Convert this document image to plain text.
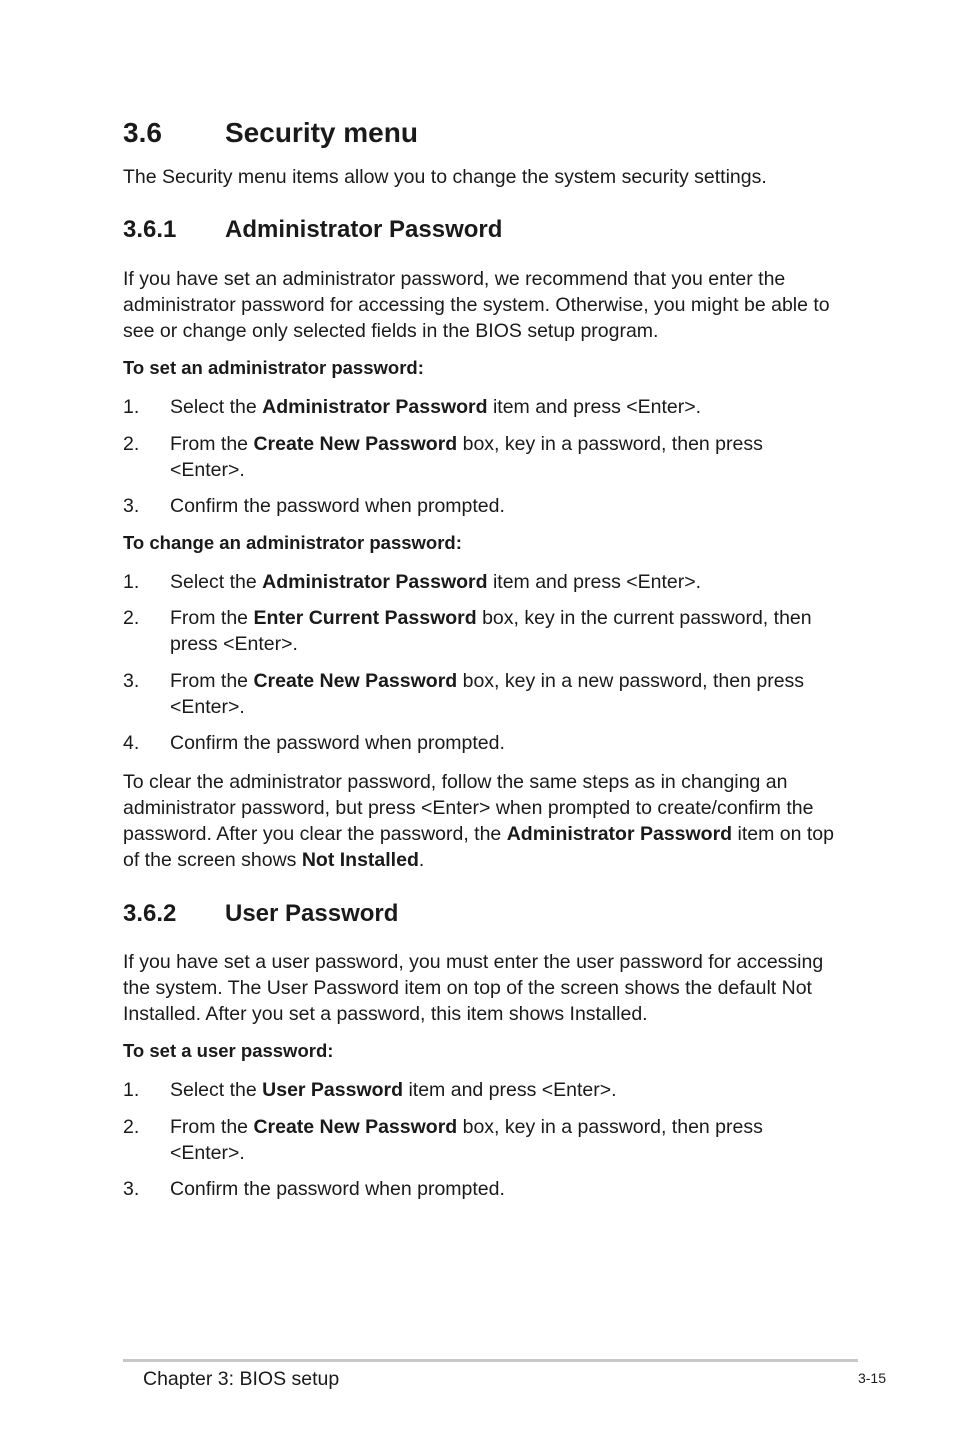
3.6 Security menu

The Security menu items allow you to change the system security settings.

3.6.1 Administrator Password

If you have set an administrator password, we recommend that you enter the administrator password for accessing the system. Otherwise, you might be able to see or change only selected fields in the BIOS setup program.

To set an administrator password:

1.	Select the Administrator Password item and press <Enter>.
2.	From the Create New Password box, key in a password, then press <Enter>.
3.	Confirm the password when prompted.

To change an administrator password:

1.	Select the Administrator Password item and press <Enter>.
2.	From the Enter Current Password box, key in the current password, then press <Enter>.
3.	From the Create New Password box, key in a new password, then press <Enter>.
4.	Confirm the password when prompted.

To clear the administrator password, follow the same steps as in changing an administrator password, but press <Enter> when prompted to create/confirm the password. After you clear the password, the Administrator Password item on top of the screen shows Not Installed.

3.6.2 User Password

If you have set a user password, you must enter the user password for accessing the system. The User Password item on top of the screen shows the default Not Installed. After you set a password, this item shows Installed.

To set a user password:

1.	Select the User Password item and press <Enter>.
2.	From the Create New Password box, key in a password, then press <Enter>.
3.	Confirm the password when prompted.
Chapter 3: BIOS setup	3-15
